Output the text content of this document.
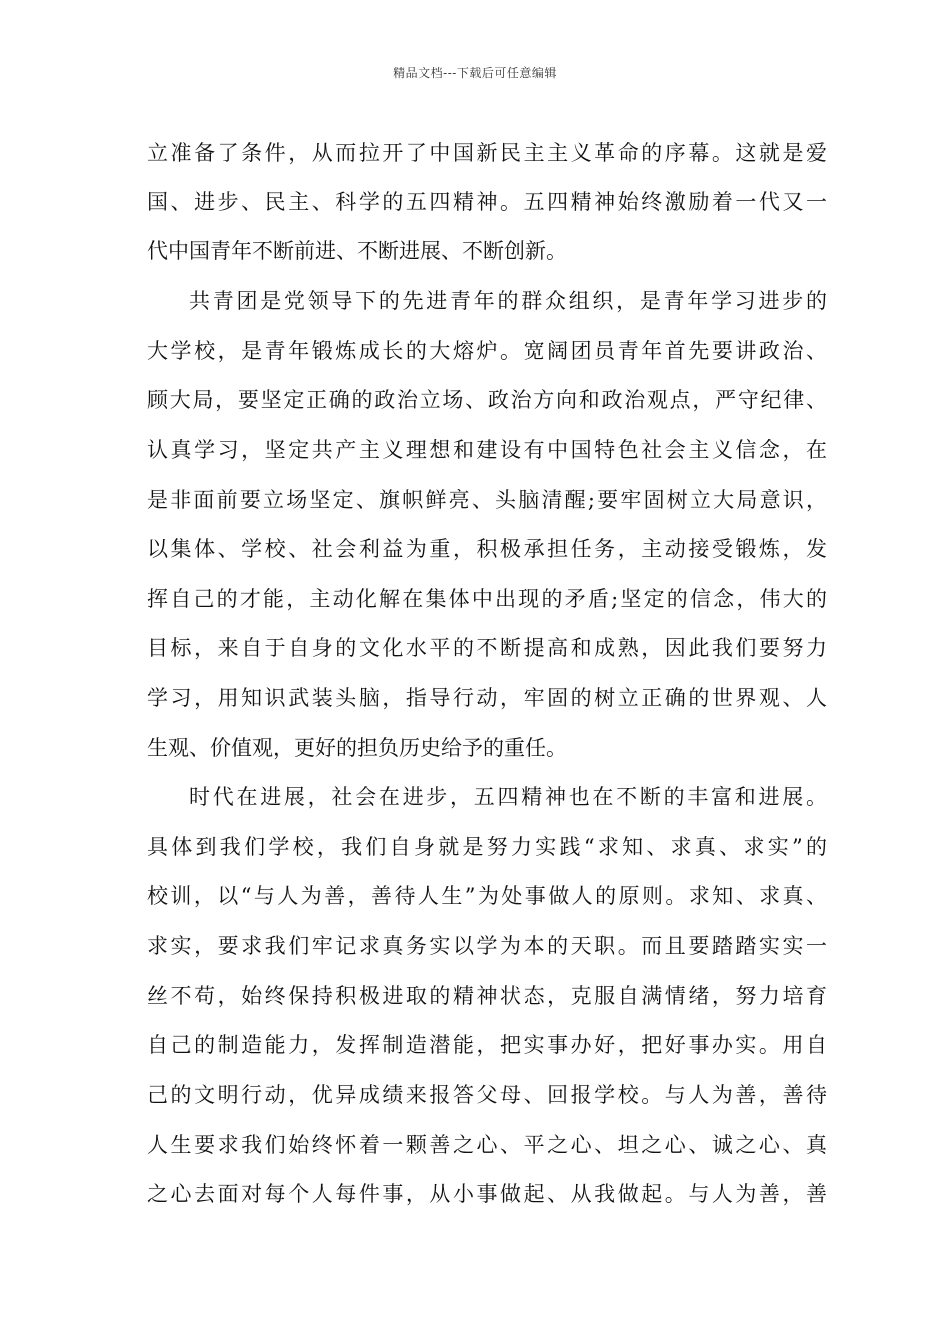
精品文档---下载后可任意编辑
立准备了条件，从而拉开了中国新民主主义革命的序幕。这就是爱
国、进步、民主、科学的五四精神。五四精神始终激励着一代又一
代中国青年不断前进、不断进展、不断创新。
共青团是党领导下的先进青年的群众组织，是青年学习进步的
大学校，是青年锻炼成长的大熔炉。宽阔团员青年首先要讲政治、
顾大局，要坚定正确的政治立场、政治方向和政治观点，严守纪律、
认真学习，坚定共产主义理想和建设有中国特色社会主义信念，在
是非面前要立场坚定、旗帜鲜亮、头脑清醒;要牢固树立大局意识，
以集体、学校、社会利益为重，积极承担任务，主动接受锻炼，发
挥自己的才能，主动化解在集体中出现的矛盾;坚定的信念，伟大的
目标，来自于自身的文化水平的不断提高和成熟，因此我们要努力
学习，用知识武装头脑，指导行动，牢固的树立正确的世界观、人
生观、价值观，更好的担负历史给予的重任。
时代在进展，社会在进步，五四精神也在不断的丰富和进展。
具体到我们学校，我们自身就是努力实践“求知、求真、求实”的
校训，以“与人为善，善待人生”为处事做人的原则。求知、求真、
求实，要求我们牢记求真务实以学为本的天职。而且要踏踏实实一
丝不苟，始终保持积极进取的精神状态，克服自满情绪，努力培育
自己的制造能力，发挥制造潜能，把实事办好，把好事办实。用自
己的文明行动，优异成绩来报答父母、回报学校。与人为善，善待
人生要求我们始终怀着一颗善之心、平之心、坦之心、诚之心、真
之心去面对每个人每件事，从小事做起、从我做起。与人为善，善
